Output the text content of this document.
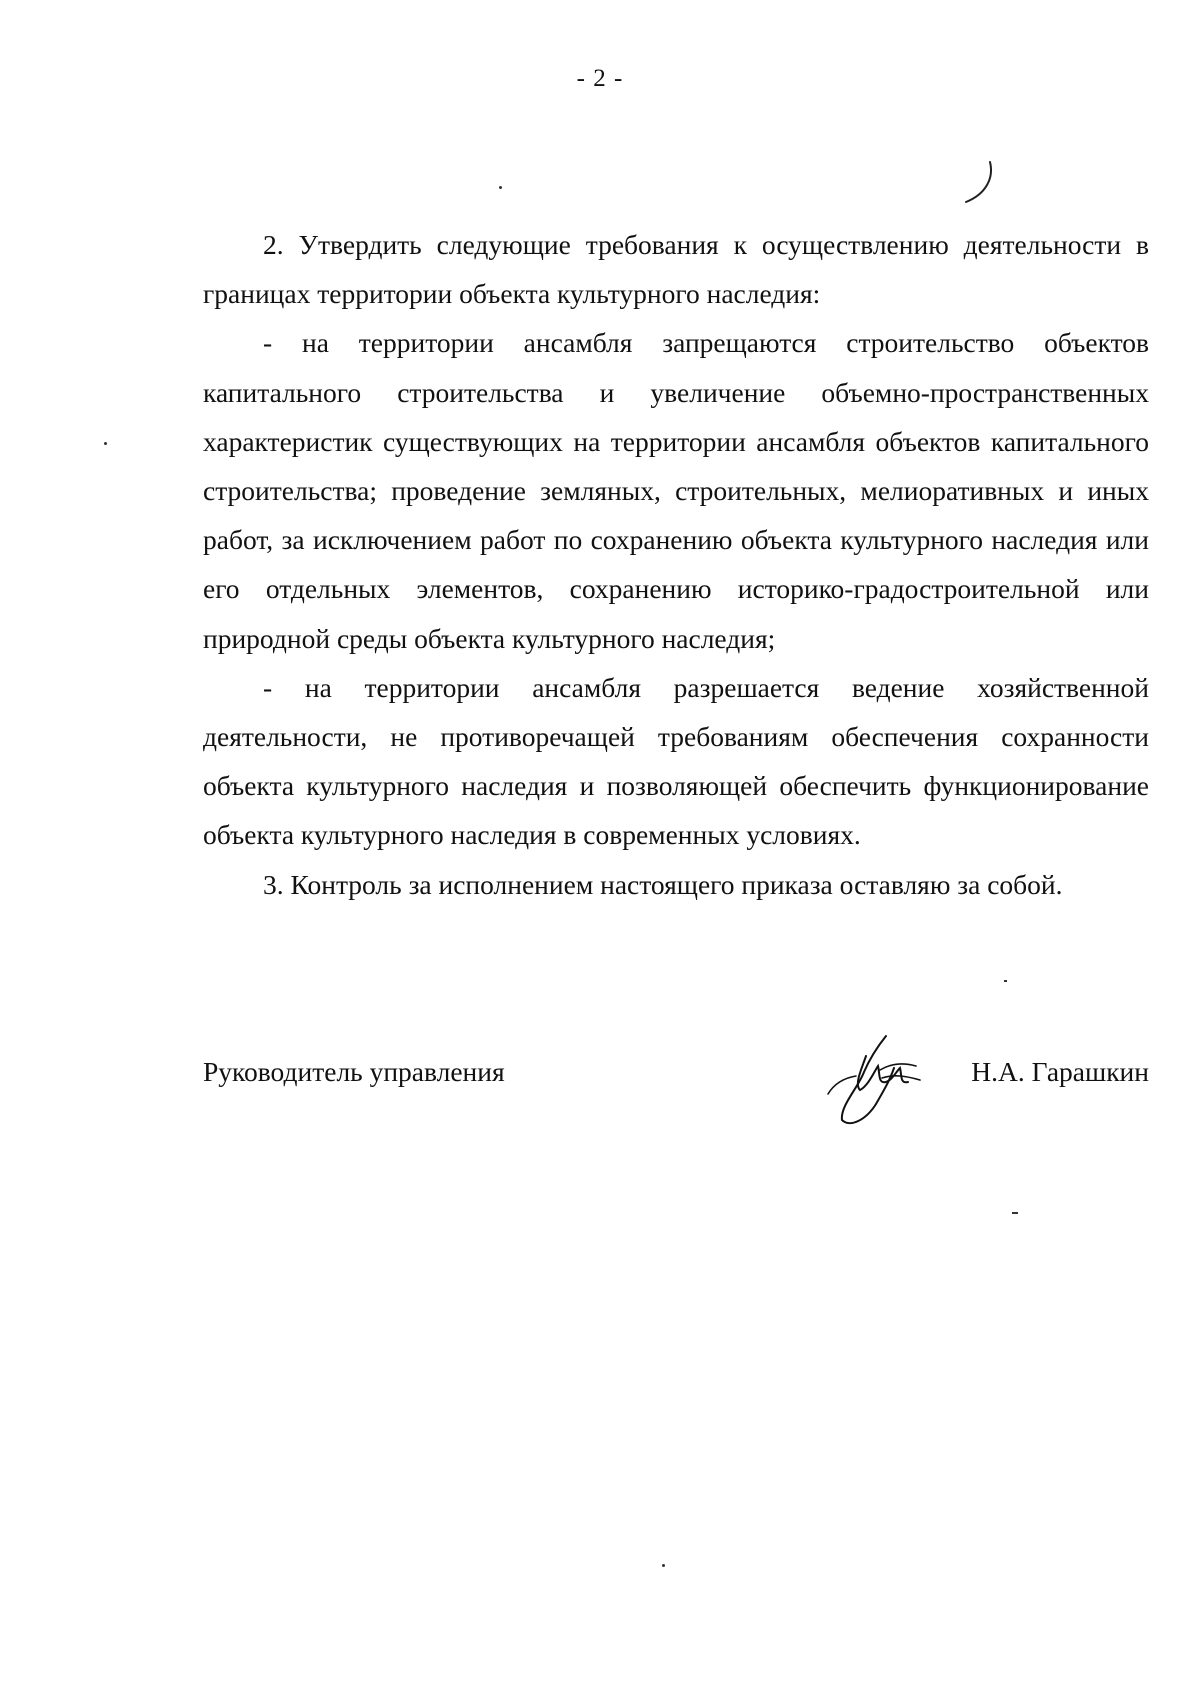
- 2 -

2. Утвердить следующие требования к осуществлению деятельности в границах территории объекта культурного наследия:

- на территории ансамбля запрещаются строительство объектов капитального строительства и увеличение объемно-пространственных характеристик существующих на территории ансамбля объектов капитального строительства; проведение земляных, строительных, мелиоративных и иных работ, за исключением работ по сохранению объекта культурного наследия или его отдельных элементов, сохранению историко-градостроительной или природной среды объекта культурного наследия;

- на территории ансамбля разрешается ведение хозяйственной деятельности, не противоречащей требованиям обеспечения сохранности объекта культурного наследия и позволяющей обеспечить функционирование объекта культурного наследия в современных условиях.

3. Контроль за исполнением настоящего приказа оставляю за собой.

Руководитель управления	Н.А. Гарашкин
